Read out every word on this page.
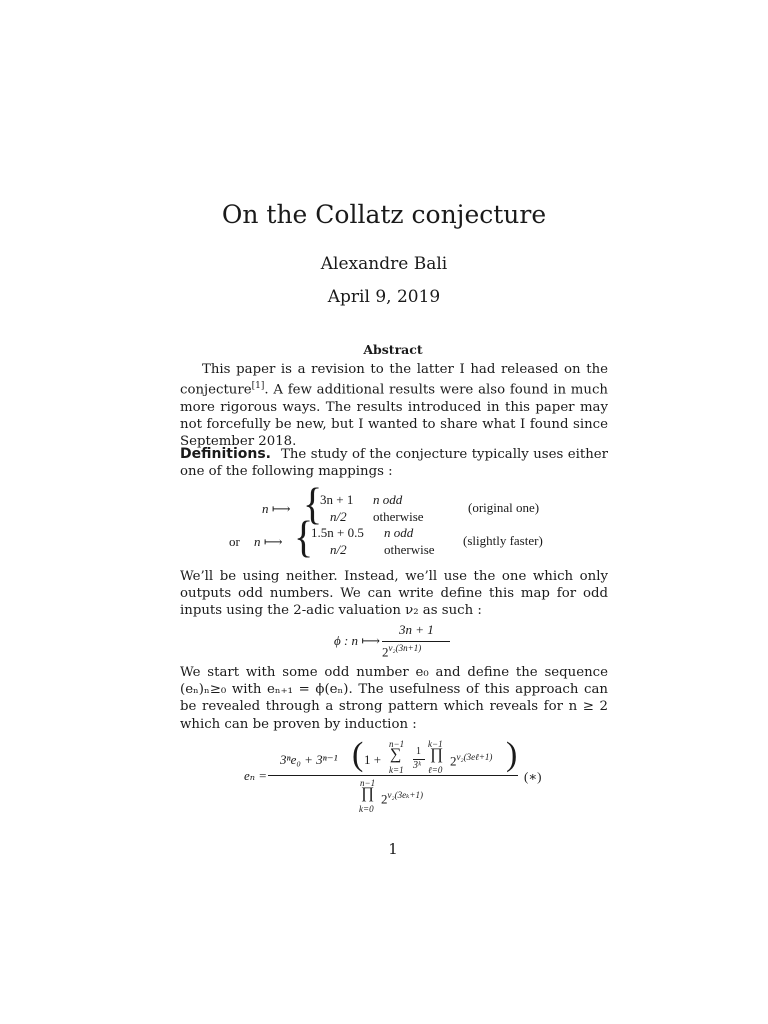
On the Collatz conjecture
Alexandre Bali
April 9, 2019
Abstract

This paper is a revision to the latter I had released on the conjecture[1]. A few additional results were also found in much more rigorous ways. The results introduced in this paper may not forcefully be new, but I wanted to share what I found since September 2018.

Definitions. The study of the conjecture typically uses either one of the following mappings :
n ⟼ {
3n + 1 n odd
n/2 otherwise
(original one)
or n ⟼ {
1.5n + 0.5 n odd
n/2	otherwise
(slightly faster)
We’ll be using neither. Instead, we’ll use the one which only outputs odd numbers. We can write define this map for odd inputs using the 2-adic valuation ν₂ as such :
ϕ : n ⟼
3n + 1
$2^{\nu_2(3n+1)}$
We start with some odd number e₀ and define the sequence (eₙ)ₙ≥₀ with eₙ₊₁ = ϕ(eₙ). The usefulness of this approach can be revealed through a strong pattern which reveals for n ≥ 2 which can be proven by induction :
eₙ =
3ⁿe₀ + 3ⁿ⁻¹ ( 1 +
n−1
∑
k=1
1
3ᵏ
k−1
∏
ℓ=0
$2^{\nu_2(3e\ell+1)}$ )
n−1
∏
k=0
$2^{\nu_2(3e_k+1)}$
(∗)
1
